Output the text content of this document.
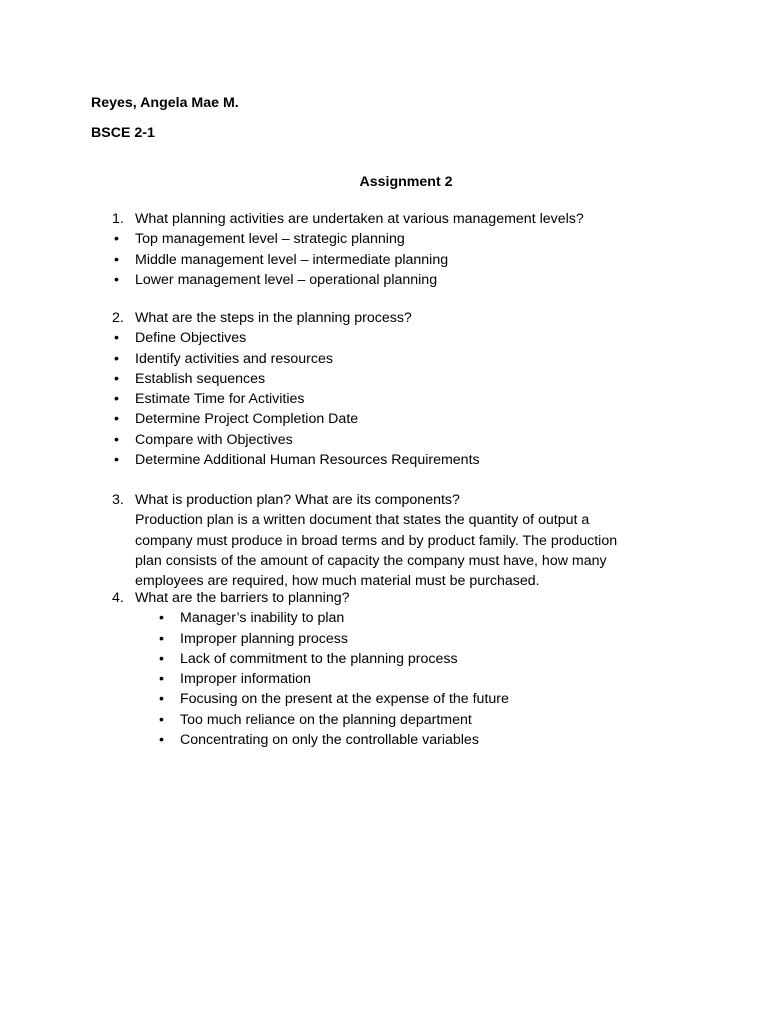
Reyes, Angela Mae M.
BSCE 2-1
Assignment 2
1. What planning activities are undertaken at various management levels?
• Top management level – strategic planning
• Middle management level – intermediate planning
• Lower management level – operational planning
2. What are the steps in the planning process?
• Define Objectives
• Identify activities and resources
• Establish sequences
• Estimate Time for Activities
• Determine Project Completion Date
• Compare with Objectives
• Determine Additional Human Resources Requirements
3. What is production plan? What are its components?
Production plan is a written document that states the quantity of output a
company must produce in broad terms and by product family. The production
plan consists of the amount of capacity the company must have, how many
employees are required, how much material must be purchased.
4. What are the barriers to planning?
• Manager’s inability to plan
• Improper planning process
• Lack of commitment to the planning process
• Improper information
• Focusing on the present at the expense of the future
• Too much reliance on the planning department
• Concentrating on only the controllable variables
